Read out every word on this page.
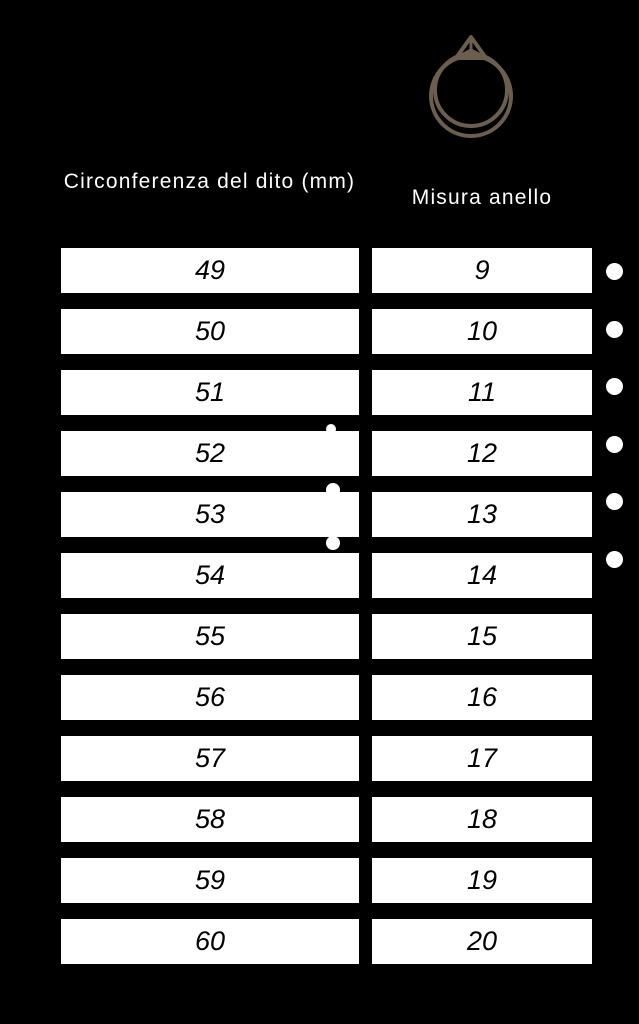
Circonferenza del dito (mm)
Misura anello
49	9
50	10
51	11
52	12
53	13
54	14
55	15
56	16
57	17
58	18
59	19
60	20
